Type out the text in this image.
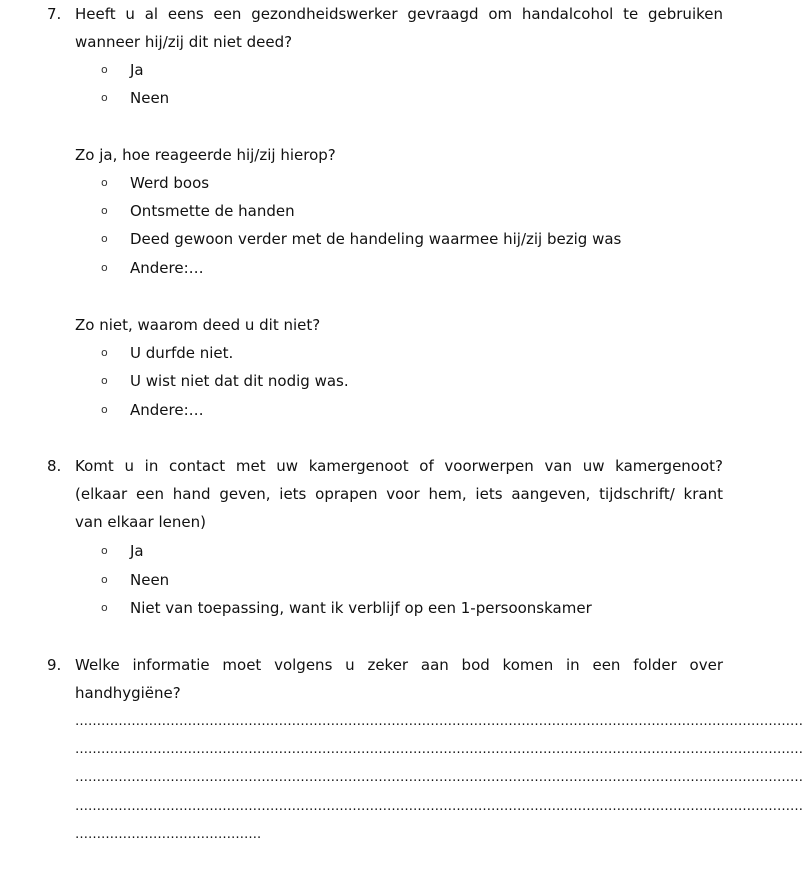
7. Heeft u al eens een gezondheidswerker gevraagd om handalcohol te gebruiken
wanneer hij/zij dit niet deed?
o Ja
o Neen
Zo ja, hoe reageerde hij/zij hierop?
o Werd boos
o Ontsmette de handen
o Deed gewoon verder met de handeling waarmee hij/zij bezig was
o Andere:…
Zo niet, waarom deed u dit niet?
o U durfde niet.
o U wist niet dat dit nodig was.
o Andere:…
8. Komt u in contact met uw kamergenoot of voorwerpen van uw kamergenoot?
(elkaar een hand geven, iets oprapen voor hem, iets aangeven, tijdschrift/ krant
van elkaar lenen)
o Ja
o Neen
o Niet van toepassing, want ik verblijf op een 1-persoonskamer
9. Welke informatie moet volgens u zeker aan bod komen in een folder over
handhygiëne?
……………………………………………………………………………………………………………………………………………………
……………………………………………………………………………………………………………………………………………………
……………………………………………………………………………………………………………………………………………………
……………………………………………………………………………………………………………………………………………………
…………………………………….
